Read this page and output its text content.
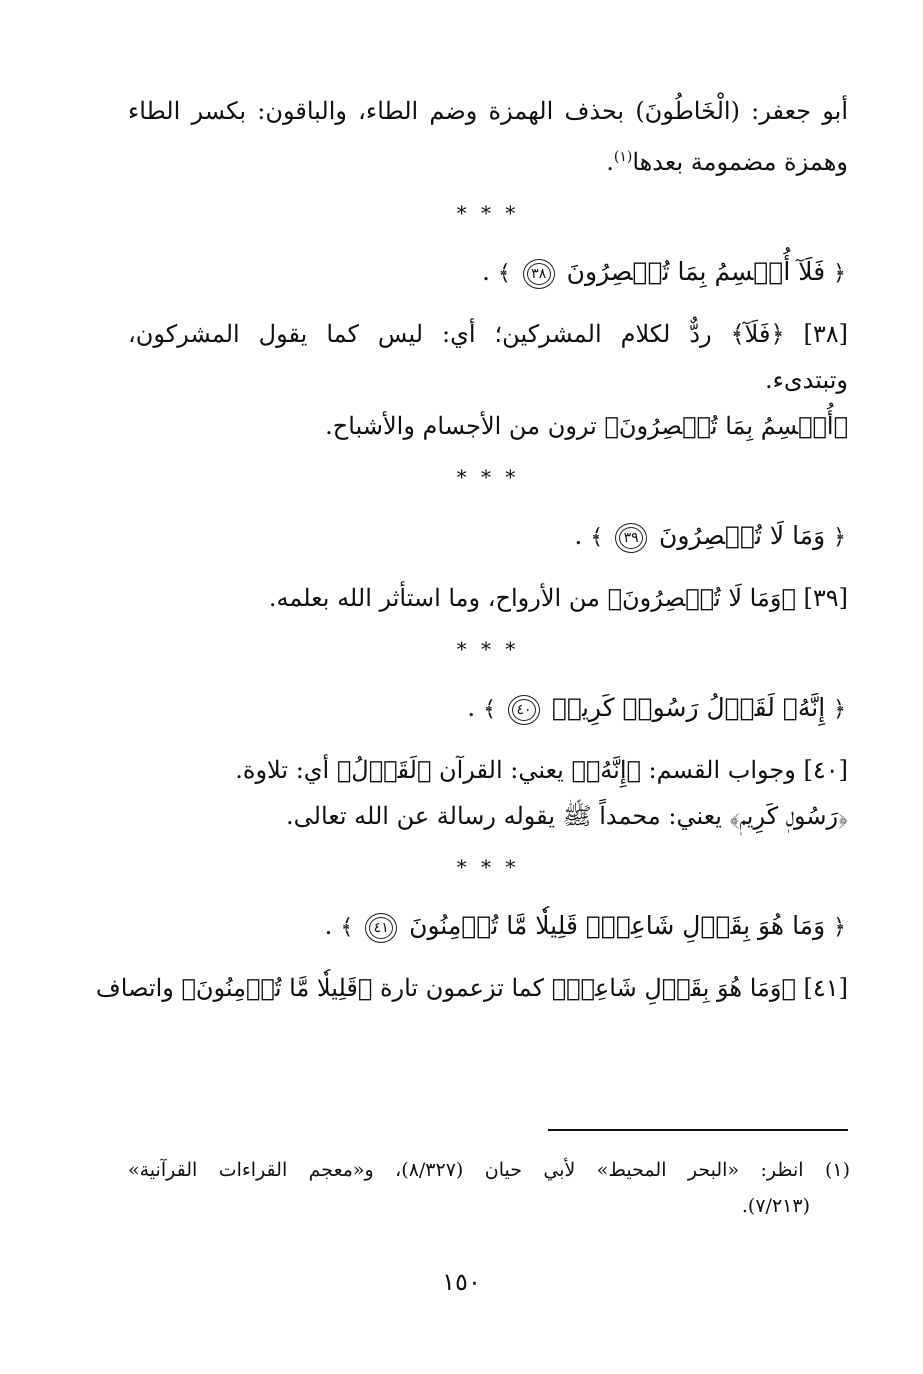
أبو جعفر: (الْخَاطُونَ) بحذف الهمزة وضم الطاء، والباقون: بكسر الطاء
وهمزة مضمومة بعدها$^{(١)}$.
* * *
﴿ فَلَآ أُقۡسِمُ بِمَا تُبۡصِرُونَ ٣٨ ﴾ .
[٣٨] ﴿فَلَآ﴾ ردٌّ لكلام المشركين؛ أي: ليس كما يقول المشركون،
وتبتدىء.
﴿أُقۡسِمُ بِمَا تُبۡصِرُونَ﴾ ترون من الأجسام والأشباح.
* * *
﴿ وَمَا لَا تُبۡصِرُونَ ٣٩ ﴾ .
[٣٩] ﴿وَمَا لَا تُبۡصِرُونَ﴾ من الأرواح، وما استأثر الله بعلمه.
* * *
﴿ إِنَّهُۥ لَقَوۡلُ رَسُولٖ كَرِيمٖ ٤٠ ﴾ .
[٤٠] وجواب القسم: ﴿إِنَّهُۥ﴾ يعني: القرآن ﴿لَقَوۡلُ﴾ أي: تلاوة.
﴿رَسُولٖ كَرِيمٖ﴾ يعني: محمداً ﷺ يقوله رسالة عن الله تعالى.
* * *
﴿ وَمَا هُوَ بِقَوۡلِ شَاعِرٖۚ قَلِيلٗا مَّا تُؤۡمِنُونَ ٤١ ﴾ .
[٤١] ﴿وَمَا هُوَ بِقَوۡلِ شَاعِرٖ﴾ كما تزعمون تارة ﴿قَلِيلٗا مَّا تُؤۡمِنُونَ﴾ واتصاف
(١) انظر: «البحر المحيط» لأبي حيان (٨/٣٢٧)، و«معجم القراءات القرآنية»
(٧/٢١٣).
١٥٠
